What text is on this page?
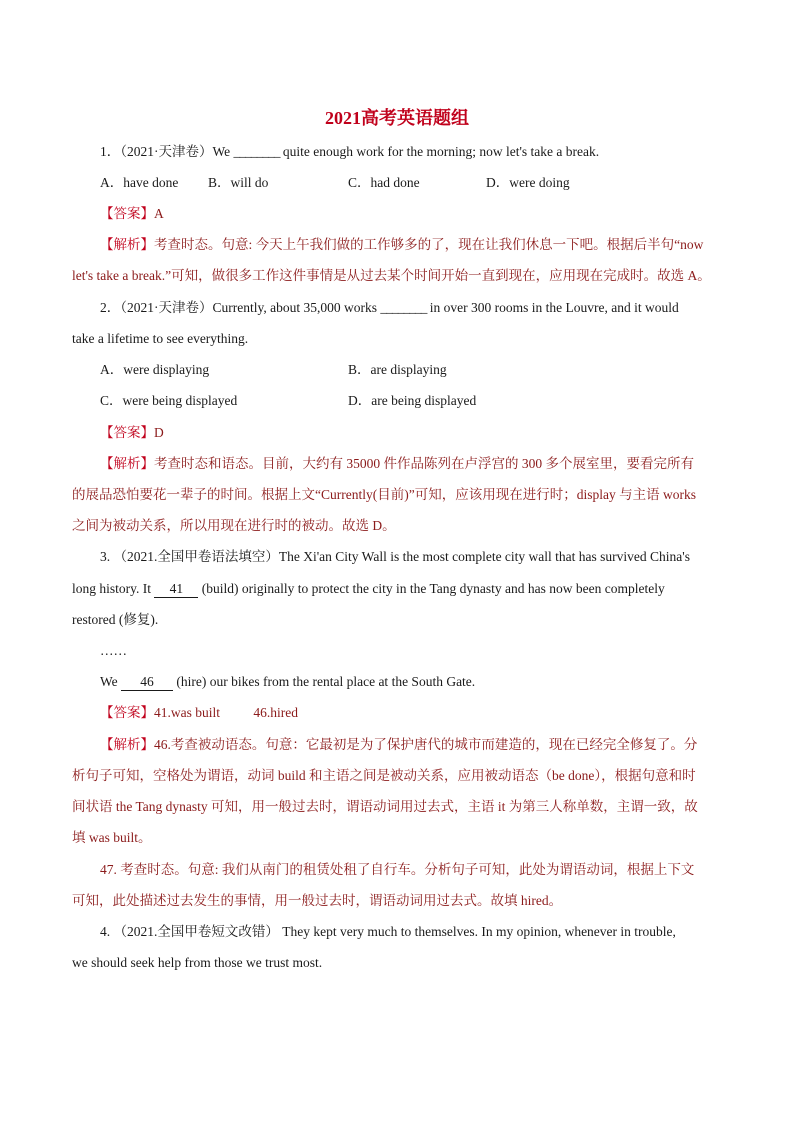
2021高考英语题组
1．（2021·天津卷）We ________ quite enough work for the morning; now let's take a break.
A．have done B．will do	C．had done	D．were doing
【答案】A
【解析】考查时态。句意: 今天上午我们做的工作够多的了，现在让我们休息一下吧。根据后半句“now
let's take a break.”可知，做很多工作这件事情是从过去某个时间开始一直到现在，应用现在完成时。故选 A。
2．（2021·天津卷）Currently, about 35,000 works ________ in over 300 rooms in the Louvre, and it would
take a lifetime to see everything.
A．were displaying	B．are displaying
C．were being displayed	D．are being displayed
【答案】D
【解析】考查时态和语态。目前，大约有 35000 件作品陈列在卢浮宫的 300 多个展室里，要看完所有
的展品恐怕要花一辈子的时间。根据上文“Currently(目前)”可知，应该用现在进行时；display 与主语 works
之间为被动关系，所以用现在进行时的被动。故选 D。
3. （2021.全国甲卷语法填空）The Xi'an City Wall is the most complete city wall that has survived China's
long history. It 41 (build) originally to protect the city in the Tang dynasty and has now been completely
restored (修复).
……
We 46 (hire) our bikes from the rental place at the South Gate.
【答案】41.was built 46.hired
【解析】46.考查被动语态。句意：它最初是为了保护唐代的城市而建造的，现在已经完全修复了。分
析句子可知，空格处为谓语，动词 build 和主语之间是被动关系，应用被动语态（be done），根据句意和时
间状语 the Tang dynasty 可知，用一般过去时，谓语动词用过去式，主语 it 为第三人称单数，主谓一致，故
填 was built。
47. 考查时态。句意: 我们从南门的租赁处租了自行车。分析句子可知，此处为谓语动词，根据上下文
可知，此处描述过去发生的事情，用一般过去时，谓语动词用过去式。故填 hired。
4. （2021.全国甲卷短文改错） They kept very much to themselves. In my opinion, whenever in trouble,
we should seek help from those we trust most.
